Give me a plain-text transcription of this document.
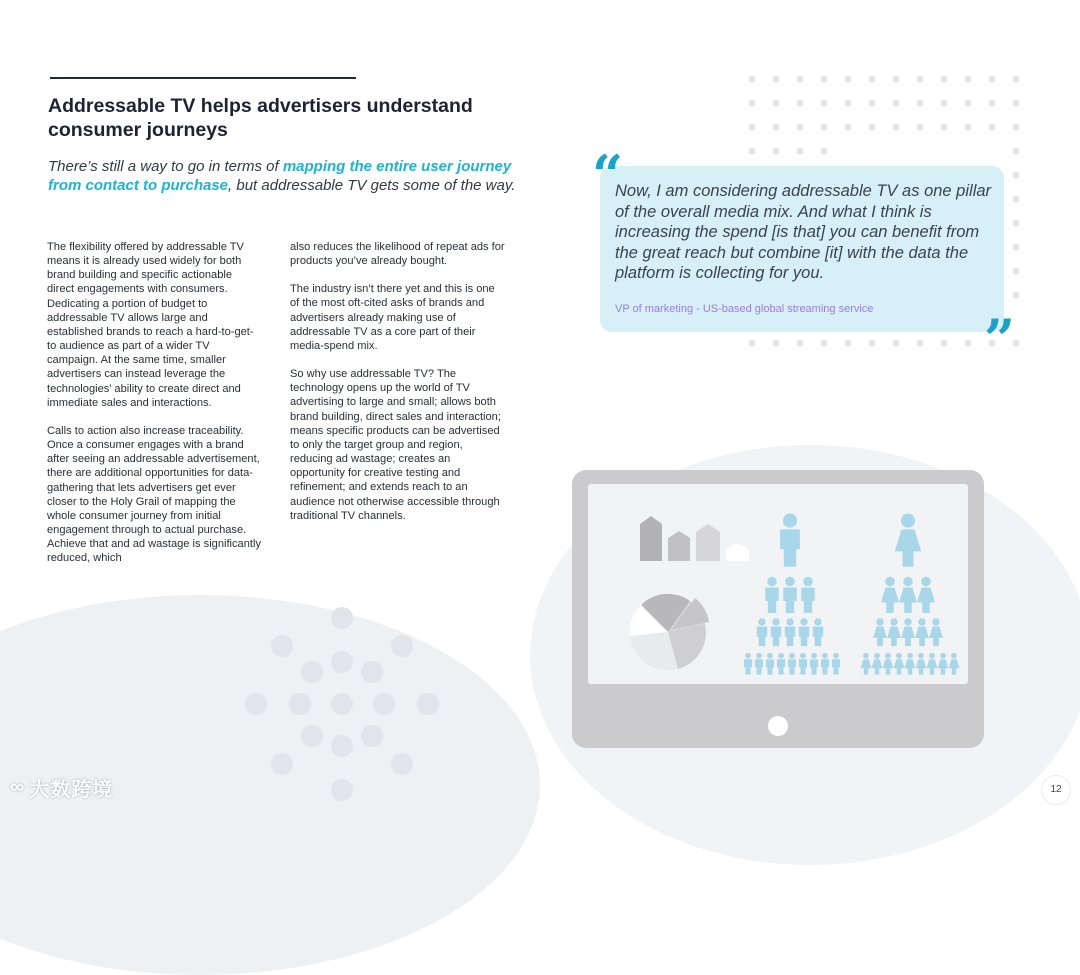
Addressable TV helps advertisers understand
consumer journeys
There’s still a way to go in terms of mapping the entire user journey from contact to purchase, but addressable TV gets some of the way.

The flexibility offered by addressable TV means it is already used widely for both brand building and specific actionable direct engagements with consumers. Dedicating a portion of budget to addressable TV allows large and established brands to reach a hard-to-get-to audience as part of a wider TV campaign. At the same time, smaller advertisers can instead leverage the technologies’ ability to create direct and immediate sales and interactions.

Calls to action also increase traceability. Once a consumer engages with a brand after seeing an addressable advertisement, there are additional opportunities for data-gathering that lets advertisers get ever closer to the Holy Grail of mapping the whole consumer journey from initial engagement through to actual purchase. Achieve that and ad wastage is significantly reduced, which

also reduces the likelihood of repeat ads for products you’ve already bought.

The industry isn’t there yet and this is one of the most oft-cited asks of brands and advertisers already making use of addressable TV as a core part of their media-spend mix.

So why use addressable TV? The technology opens up the world of TV advertising to large and small; allows both brand building, direct sales and interaction; means specific products can be advertised to only the target group and region, reducing ad wastage; creates an opportunity for creative testing and refinement; and extends reach to an audience not otherwise accessible through traditional TV channels.

“
”
Now, I am considering addressable TV as one pillar of the overall media mix. And what I think is increasing the spend [is that] you can benefit from the great reach but combine [it] with the data the platform is collecting for you.
VP of marketing - US-based global streaming service
∞ 大数跨境	12
